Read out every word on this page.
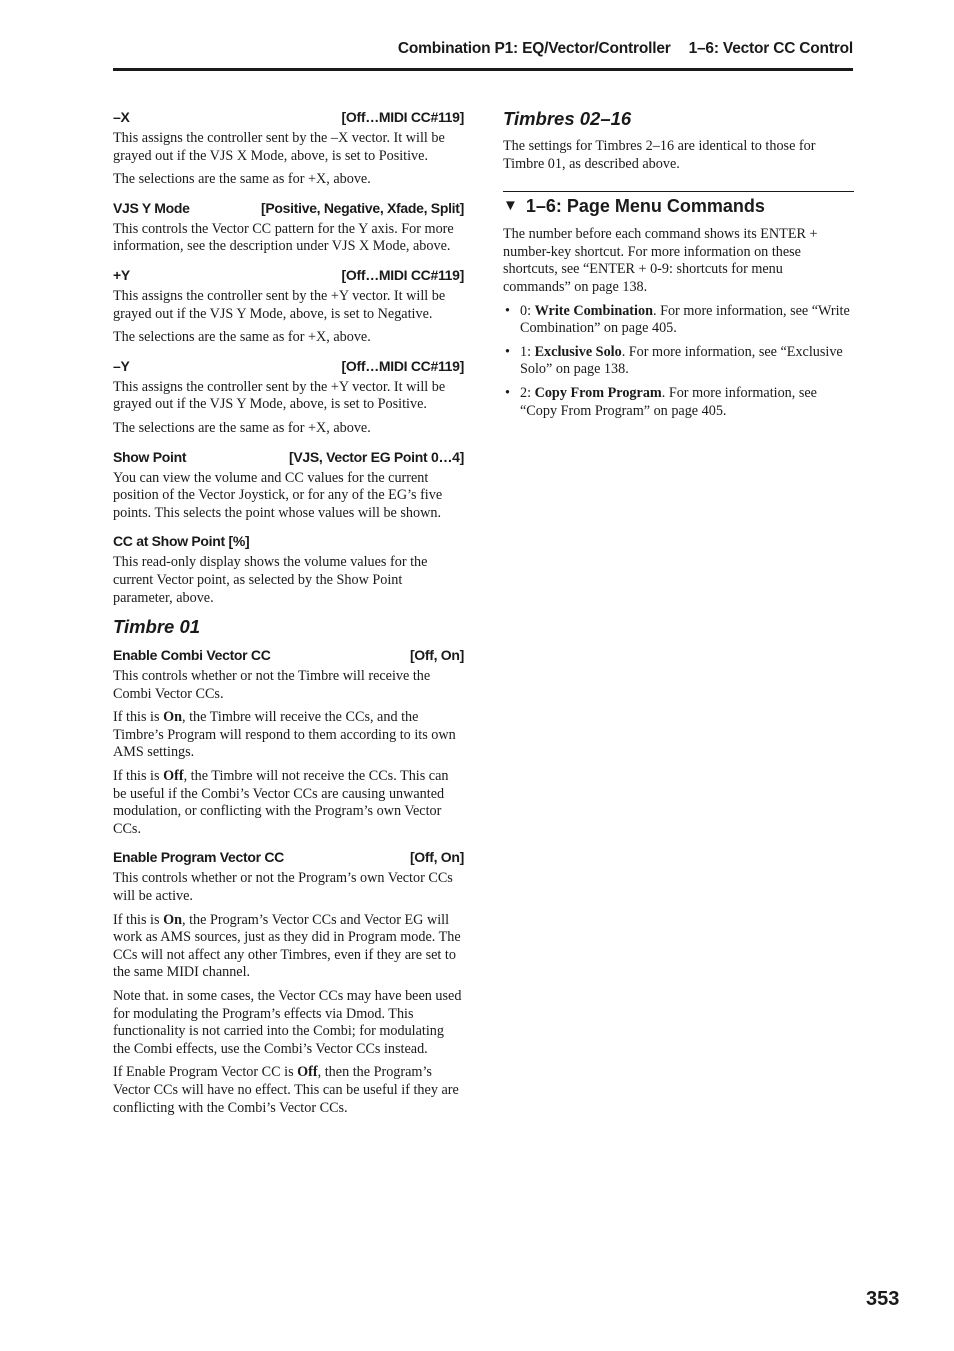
Combination P1: EQ/Vector/Controller 1–6: Vector CC Control
–X	[Off…MIDI CC#119]

This assigns the controller sent by the –X vector. It will be grayed out if the VJS X Mode, above, is set to Positive.

The selections are the same as for +X, above.

VJS Y Mode	[Positive, Negative, Xfade, Split]

This controls the Vector CC pattern for the Y axis. For more information, see the description under VJS X Mode, above.

+Y	[Off…MIDI CC#119]

This assigns the controller sent by the +Y vector. It will be grayed out if the VJS Y Mode, above, is set to Negative.

The selections are the same as for +X, above.

–Y	[Off…MIDI CC#119]

This assigns the controller sent by the +Y vector. It will be grayed out if the VJS Y Mode, above, is set to Positive.

The selections are the same as for +X, above.

Show Point	[VJS, Vector EG Point 0…4]

You can view the volume and CC values for the current position of the Vector Joystick, or for any of the EG’s five points. This selects the point whose values will be shown.

CC at Show Point [%]

This read-only display shows the volume values for the current Vector point, as selected by the Show Point parameter, above.

Timbre 01
Enable Combi Vector CC	[Off, On]

This controls whether or not the Timbre will receive the Combi Vector CCs.

If this is On, the Timbre will receive the CCs, and the Timbre’s Program will respond to them according to its own AMS settings.

If this is Off, the Timbre will not receive the CCs. This can be useful if the Combi’s Vector CCs are causing unwanted modulation, or conflicting with the Program’s own Vector CCs.

Enable Program Vector CC	[Off, On]

This controls whether or not the Program’s own Vector CCs will be active.

If this is On, the Program’s Vector CCs and Vector EG will work as AMS sources, just as they did in Program mode. The CCs will not affect any other Timbres, even if they are set to the same MIDI channel.

Note that. in some cases, the Vector CCs may have been used for modulating the Program’s effects via Dmod. This functionality is not carried into the Combi; for modulating the Combi effects, use the Combi’s Vector CCs instead.

If Enable Program Vector CC is Off, then the Program’s Vector CCs will have no effect. This can be useful if they are conflicting with the Combi’s Vector CCs.

Timbres 02–16

The settings for Timbres 2–16 are identical to those for Timbre 01, as described above.

▼ 1–6: Page Menu Commands

The number before each command shows its ENTER + number-key shortcut. For more information on these shortcuts, see “ENTER + 0-9: shortcuts for menu commands” on page 138.

• 0: Write Combination. For more information, see “Write Combination” on page 405.
• 1: Exclusive Solo. For more information, see “Exclusive Solo” on page 138.
• 2: Copy From Program. For more information, see “Copy From Program” on page 405.
353
